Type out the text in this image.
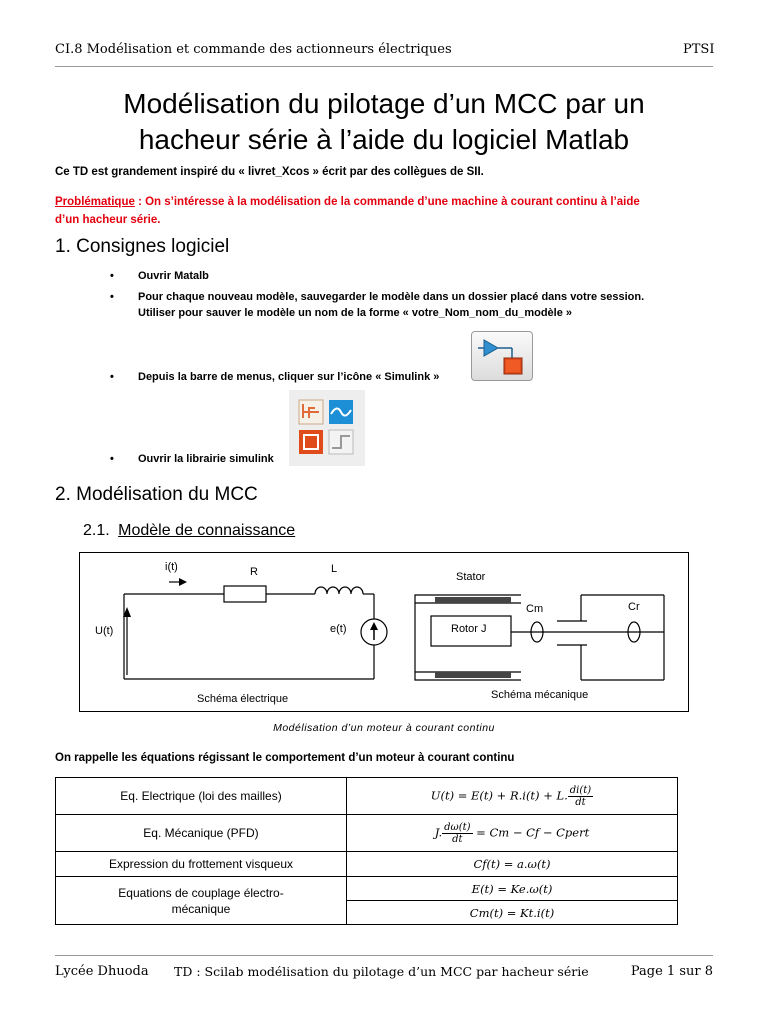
CI.8 Modélisation et commande des actionneurs électriques	PTSI
Modélisation du pilotage d’un MCC par un
hacheur série à l’aide du logiciel Matlab
Ce TD est grandement inspiré du « livret_Xcos » écrit par des collègues de SII.
Problématique : On s’intéresse à la modélisation de la commande d’une machine à courant continu à l’aide
d’un hacheur série.
1. Consignes logiciel
• Ouvrir Matalb
• Pour chaque nouveau modèle, sauvegarder le modèle dans un dossier placé dans votre session.
Utiliser pour sauver le modèle un nom de la forme « votre_Nom_nom_du_modèle »
• Depuis la barre de menus, cliquer sur l’icône « Simulink »
• Ouvrir la librairie simulink
2. Modélisation du MCC
2.1. Modèle de connaissance
i(t)	R	L
U(t)	e(t)
Schéma électrique
Stator
Rotor J
Cm	Cr
Schéma mécanique
Modélisation d’un moteur à courant continu
On rappelle les équations régissant le comportement d’un moteur à courant continu
Eq. Electrique (loi des mailles)	U(t) = E(t) + R.i(t) + L. $\frac{di(t)}{dt}$

Eq. Mécanique (PFD)	J. $\frac{d\omega(t)}{dt} = Cm - Cf$ − Cpert
Expression du frottement visqueux	Cf(t) = a.ω(t)
Equations de couplage électro-
mécanique	E(t) = Ke.ω(t)
	Cm(t) = Kt.i(t)
Lycée Dhuoda TD : Scilab modélisation du pilotage d’un MCC par hacheur série	Page 1 sur 8
